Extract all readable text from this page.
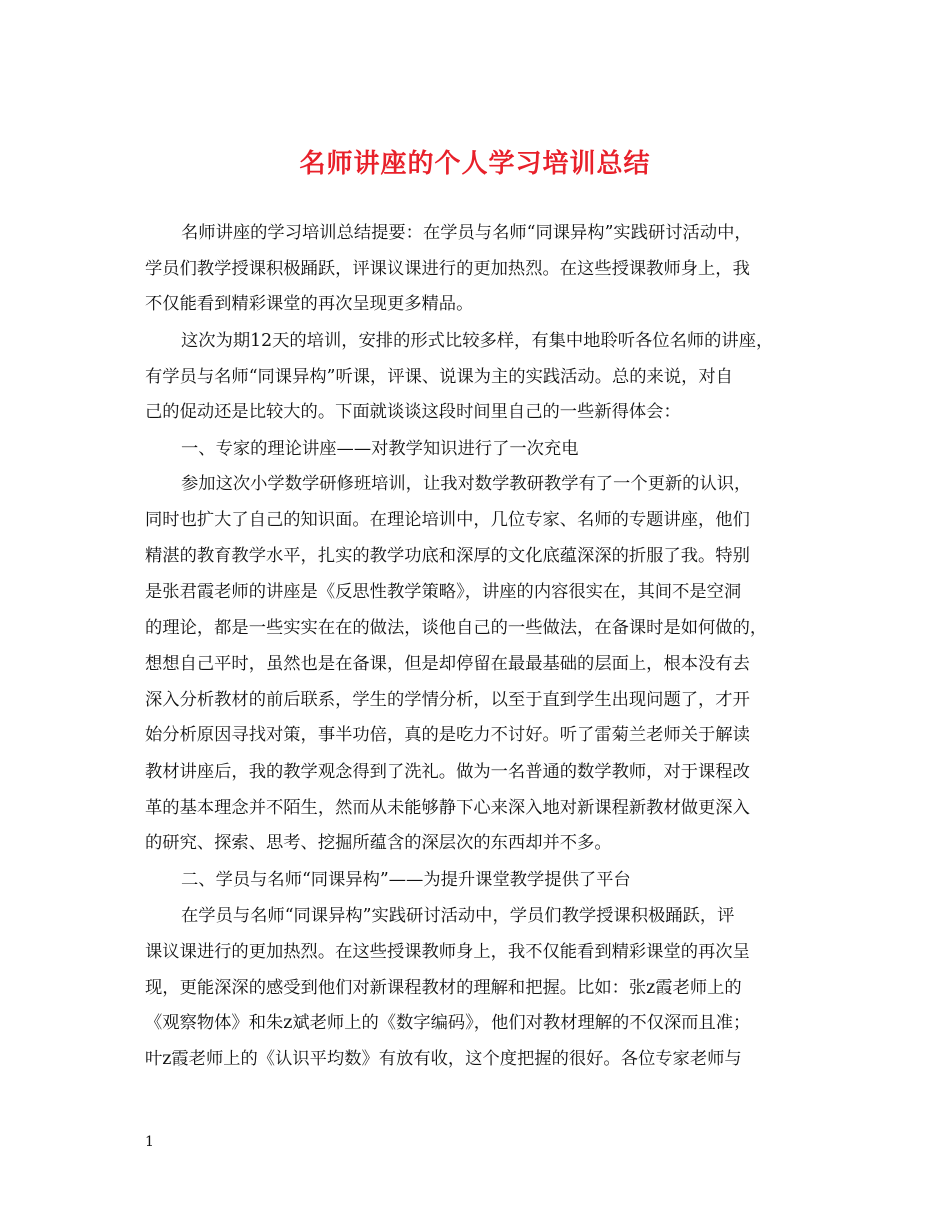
名师讲座的个人学习培训总结
名师讲座的学习培训总结提要：在学员与名师“同课异构”实践研讨活动中，
学员们教学授课积极踊跃，评课议课进行的更加热烈。在这些授课教师身上，我
不仅能看到精彩课堂的再次呈现更多精品。
这次为期12天的培训，安排的形式比较多样，有集中地聆听各位名师的讲座，
有学员与名师“同课异构”听课，评课、说课为主的实践活动。总的来说，对自
己的促动还是比较大的。下面就谈谈这段时间里自己的一些新得体会：
一、专家的理论讲座——对教学知识进行了一次充电
参加这次小学数学研修班培训，让我对数学教研教学有了一个更新的认识，
同时也扩大了自己的知识面。在理论培训中，几位专家、名师的专题讲座，他们
精湛的教育教学水平，扎实的教学功底和深厚的文化底蕴深深的折服了我。特别
是张君霞老师的讲座是《反思性教学策略》，讲座的内容很实在，其间不是空洞
的理论，都是一些实实在在的做法，谈他自己的一些做法，在备课时是如何做的，
想想自己平时，虽然也是在备课，但是却停留在最最基础的层面上，根本没有去
深入分析教材的前后联系，学生的学情分析，以至于直到学生出现问题了，才开
始分析原因寻找对策，事半功倍，真的是吃力不讨好。听了雷菊兰老师关于解读
教材讲座后，我的教学观念得到了洗礼。做为一名普通的数学教师，对于课程改
革的基本理念并不陌生，然而从未能够静下心来深入地对新课程新教材做更深入
的研究、探索、思考、挖掘所蕴含的深层次的东西却并不多。
二、学员与名师“同课异构”——为提升课堂教学提供了平台
在学员与名师“同课异构”实践研讨活动中，学员们教学授课积极踊跃，评
课议课进行的更加热烈。在这些授课教师身上，我不仅能看到精彩课堂的再次呈
现，更能深深的感受到他们对新课程教材的理解和把握。比如：张z霞老师上的
《观察物体》和朱z斌老师上的《数字编码》，他们对教材理解的不仅深而且准；
叶z霞老师上的《认识平均数》有放有收，这个度把握的很好。各位专家老师与
1
